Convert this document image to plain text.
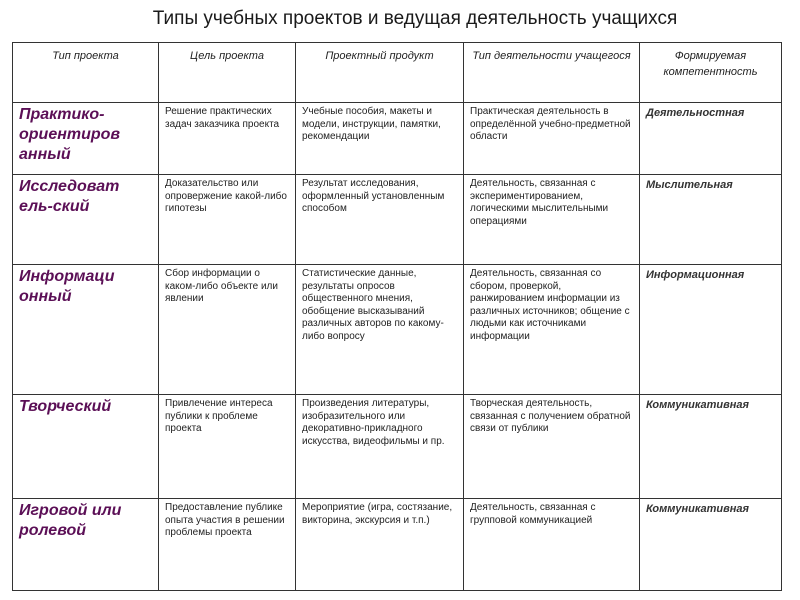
Типы учебных проектов и ведущая деятельность учащихся
Тип проекта	Цель проекта	Проектный продукт	Тип деятельности учащегося	Формируемая компетентность
Практико-ориентиров анный	Решение практических задач заказчика проекта	Учебные пособия, макеты и модели, инструкции, памятки, рекомендации	Практическая деятельность в определённой учебно-предметной области	Деятельностная
Исследоват ель-ский	Доказательство или опровержение какой-либо гипотезы	Результат исследования, оформленный установленным способом	Деятельность, связанная с экспериментированием, логическими мыслительными операциями	Мыслительная
Информаци онный	Сбор информации о каком-либо объекте или явлении	Статистические данные, результаты опросов общественного мнения, обобщение высказываний различных авторов по какому-либо вопросу	Деятельность, связанная со сбором, проверкой, ранжированием информации из различных источников; общение с людьми как источниками информации	Информационная
Творческий	Привлечение интереса публики к проблеме проекта	Произведения литературы, изобразительного или декоративно-прикладного искусства, видеофильмы и пр.	Творческая деятельность, связанная с получением обратной связи от публики	Коммуникативная
Игровой или ролевой	Предоставление публике опыта участия в решении проблемы проекта	Мероприятие (игра, состязание, викторина, экскурсия и т.п.)	Деятельность, связанная с групповой коммуникацией	Коммуникативная
